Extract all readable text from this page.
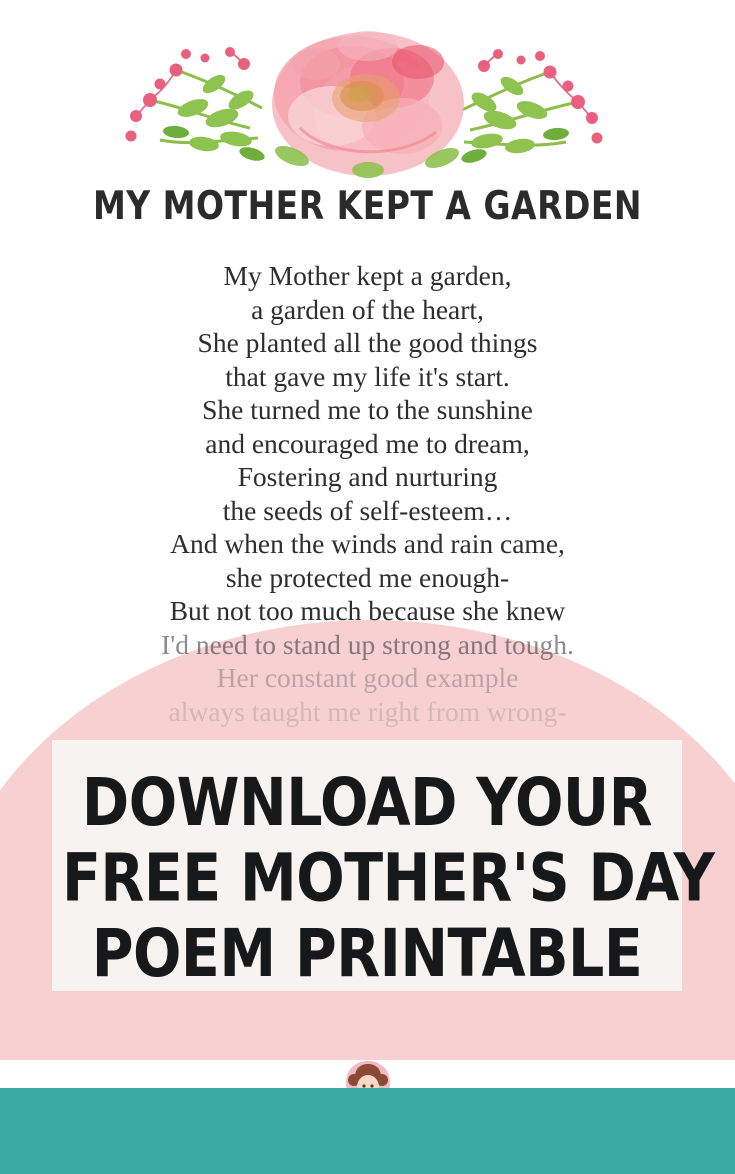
MY MOTHER KEPT A GARDEN
My Mother kept a garden,
a garden of the heart,
She planted all the good things
that gave my life it's start.
She turned me to the sunshine
and encouraged me to dream,
Fostering and nurturing
the seeds of self-esteem…
And when the winds and rain came,
she protected me enough-
But not too much because she knew
I'd need to stand up strong and tough.
Her constant good example
always taught me right from wrong-
DOWNLOAD YOUR
FREE MOTHER'S DAY
POEM PRINTABLE
